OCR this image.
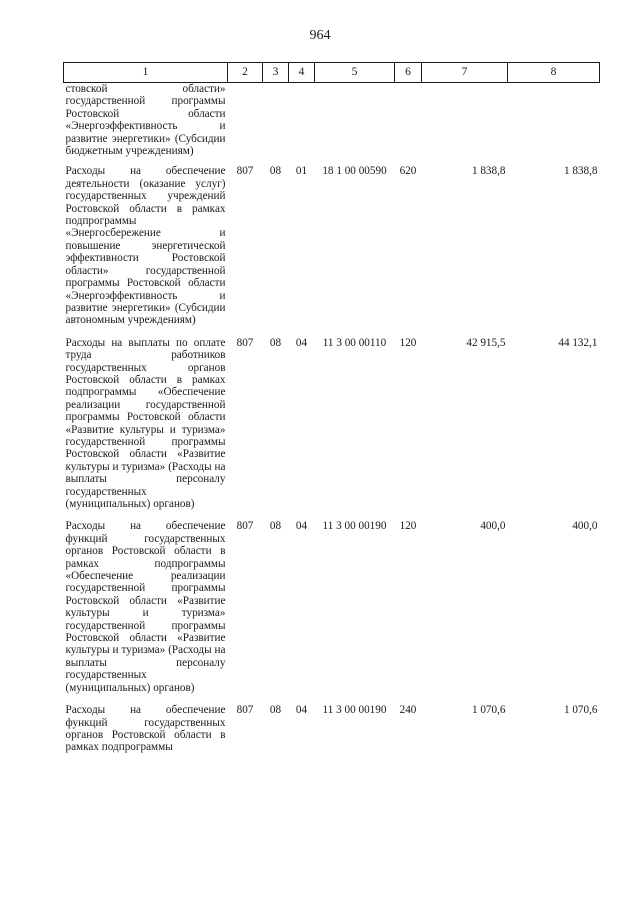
964
1	2	3	4	5	6	7	8
стовской области» государственной программы Ростовской области «Энергоэффективность и развитие энергетики» (Субсидии бюджетным учреждениям)							
Расходы на обеспечение деятельности (оказание услуг) государственных учреждений Ростовской области в рамках подпрограммы «Энергосбережение и повышение энергетической эффективности Ростовской области» государственной программы Ростовской области «Энергоэффективность и развитие энергетики» (Субсидии автономным учреждениям)	807	08	01	18 1 00 00590	620	1 838,8	1 838,8
Расходы на выплаты по оплате труда работников государственных органов Ростовской области в рамках подпрограммы «Обеспечение реализации государственной программы Ростовской области «Развитие культуры и туризма» государственной программы Ростовской области «Развитие культуры и туризма» (Расходы на выплаты персоналу государственных (муниципальных) органов)	807	08	04	11 3 00 00110	120	42 915,5	44 132,1
Расходы на обеспечение функций государственных органов Ростовской области в рамках подпрограммы «Обеспечение реализации государственной программы Ростовской области «Развитие культуры и туризма» государственной программы Ростовской области «Развитие культуры и туризма» (Расходы на выплаты персоналу государственных (муниципальных) органов)	807	08	04	11 3 00 00190	120	400,0	400,0
Расходы на обеспечение функций государственных органов Ростовской области в рамках подпрограммы	807	08	04	11 3 00 00190	240	1 070,6	1 070,6
